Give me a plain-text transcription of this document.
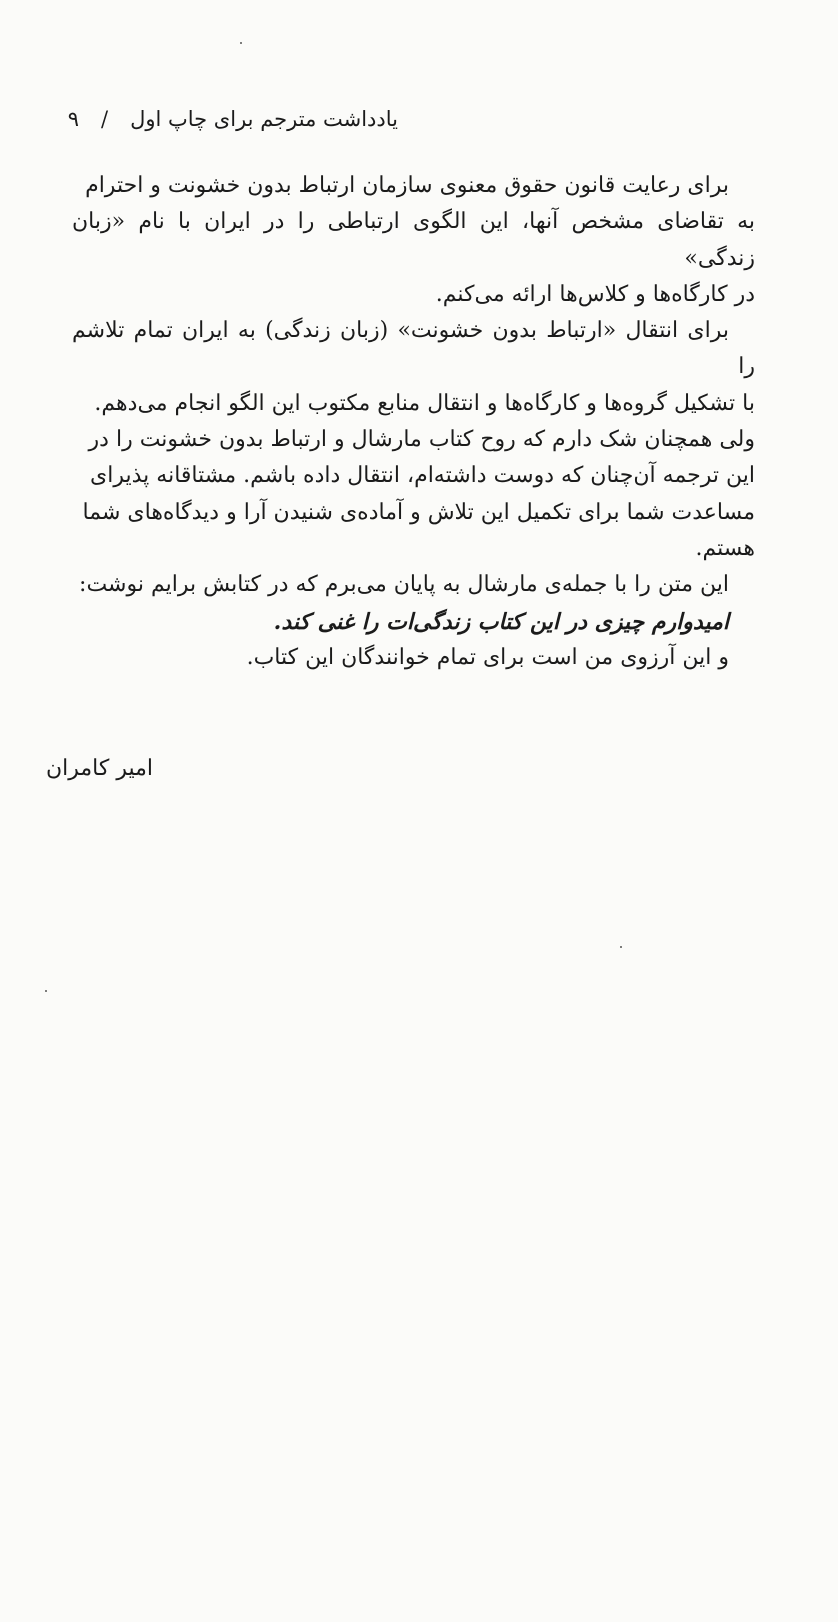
یادداشت مترجم برای چاپ اول
/
۹

برای رعایت قانون حقوق معنوی سازمان ارتباط بدون خشونت و احترام

به تقاضای مشخص آنها، این الگوی ارتباطی را در ایران با نام «زبان زندگی»

در کارگاه‌ها و کلاس‌ها ارائه می‌کنم.

برای انتقال «ارتباط بدون خشونت» (زبان زندگی) به ایران تمام تلاشم را

با تشکیل گروه‌ها و کارگاه‌ها و انتقال منابع مکتوب این الگو انجام می‌دهم.

ولی همچنان شک دارم که روح کتاب مارشال و ارتباط بدون خشونت را در

این ترجمه آن‌چنان که دوست داشته‌ام، انتقال داده باشم. مشتاقانه پذیرای

مساعدت شما برای تکمیل این تلاش و آماده‌ی شنیدن آرا و دیدگاه‌های شما

هستم.

این متن را با جمله‌ی مارشال به پایان می‌برم که در کتابش برایم نوشت:

امیدوارم چیزی در این کتاب زندگی‌ات را غنی کند.

و این آرزوی من است برای تمام خوانندگان این کتاب.

امیر کامران
